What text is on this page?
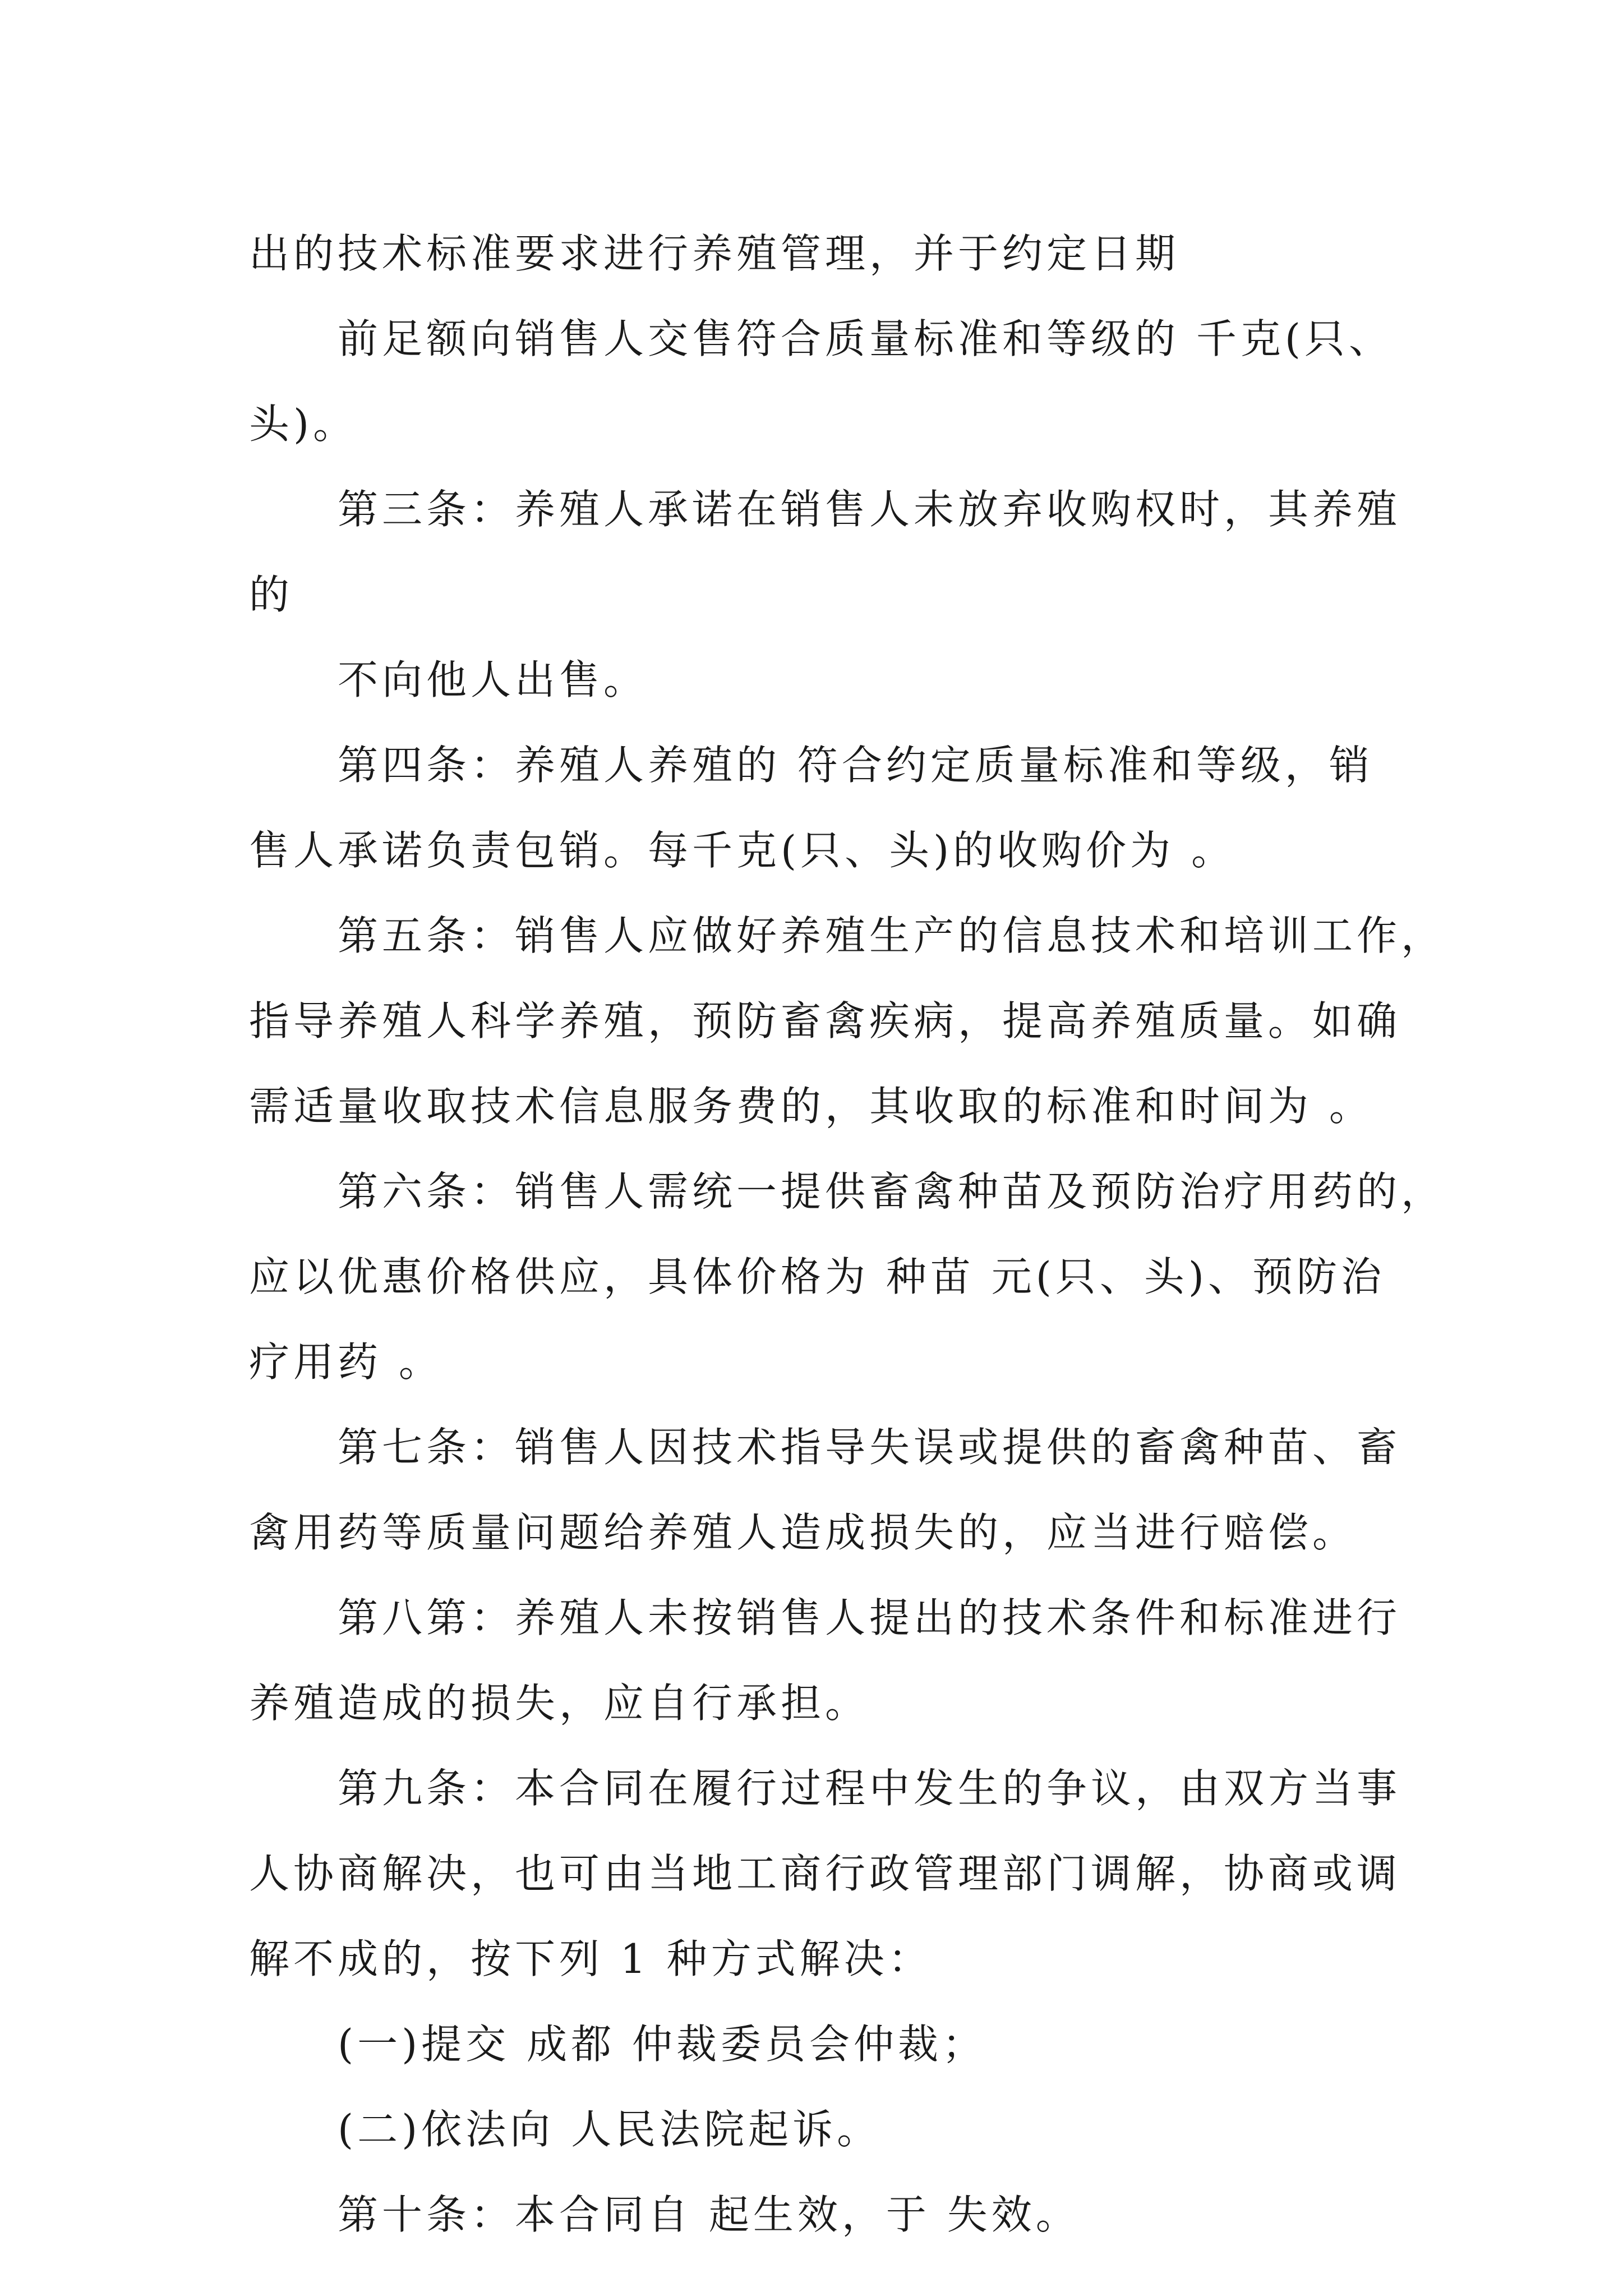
出的技术标准要求进行养殖管理，并于约定日期
前足额向销售人交售符合质量标准和等级的 千克(只、
头)。
第三条：养殖人承诺在销售人未放弃收购权时，其养殖
的
不向他人出售。
第四条：养殖人养殖的 符合约定质量标准和等级，销
售人承诺负责包销。每千克(只、头)的收购价为 。
第五条：销售人应做好养殖生产的信息技术和培训工作，
指导养殖人科学养殖，预防畜禽疾病，提高养殖质量。如确
需适量收取技术信息服务费的，其收取的标准和时间为 。
第六条：销售人需统一提供畜禽种苗及预防治疗用药的，
应以优惠价格供应，具体价格为 种苗 元(只、头)、预防治
疗用药 。
第七条：销售人因技术指导失误或提供的畜禽种苗、畜
禽用药等质量问题给养殖人造成损失的，应当进行赔偿。
第八第：养殖人未按销售人提出的技术条件和标准进行
养殖造成的损失，应自行承担。
第九条：本合同在履行过程中发生的争议，由双方当事
人协商解决，也可由当地工商行政管理部门调解，协商或调
解不成的，按下列 1 种方式解决：
(一)提交 成都 仲裁委员会仲裁；
(二)依法向 人民法院起诉。
第十条：本合同自 起生效，于 失效。
